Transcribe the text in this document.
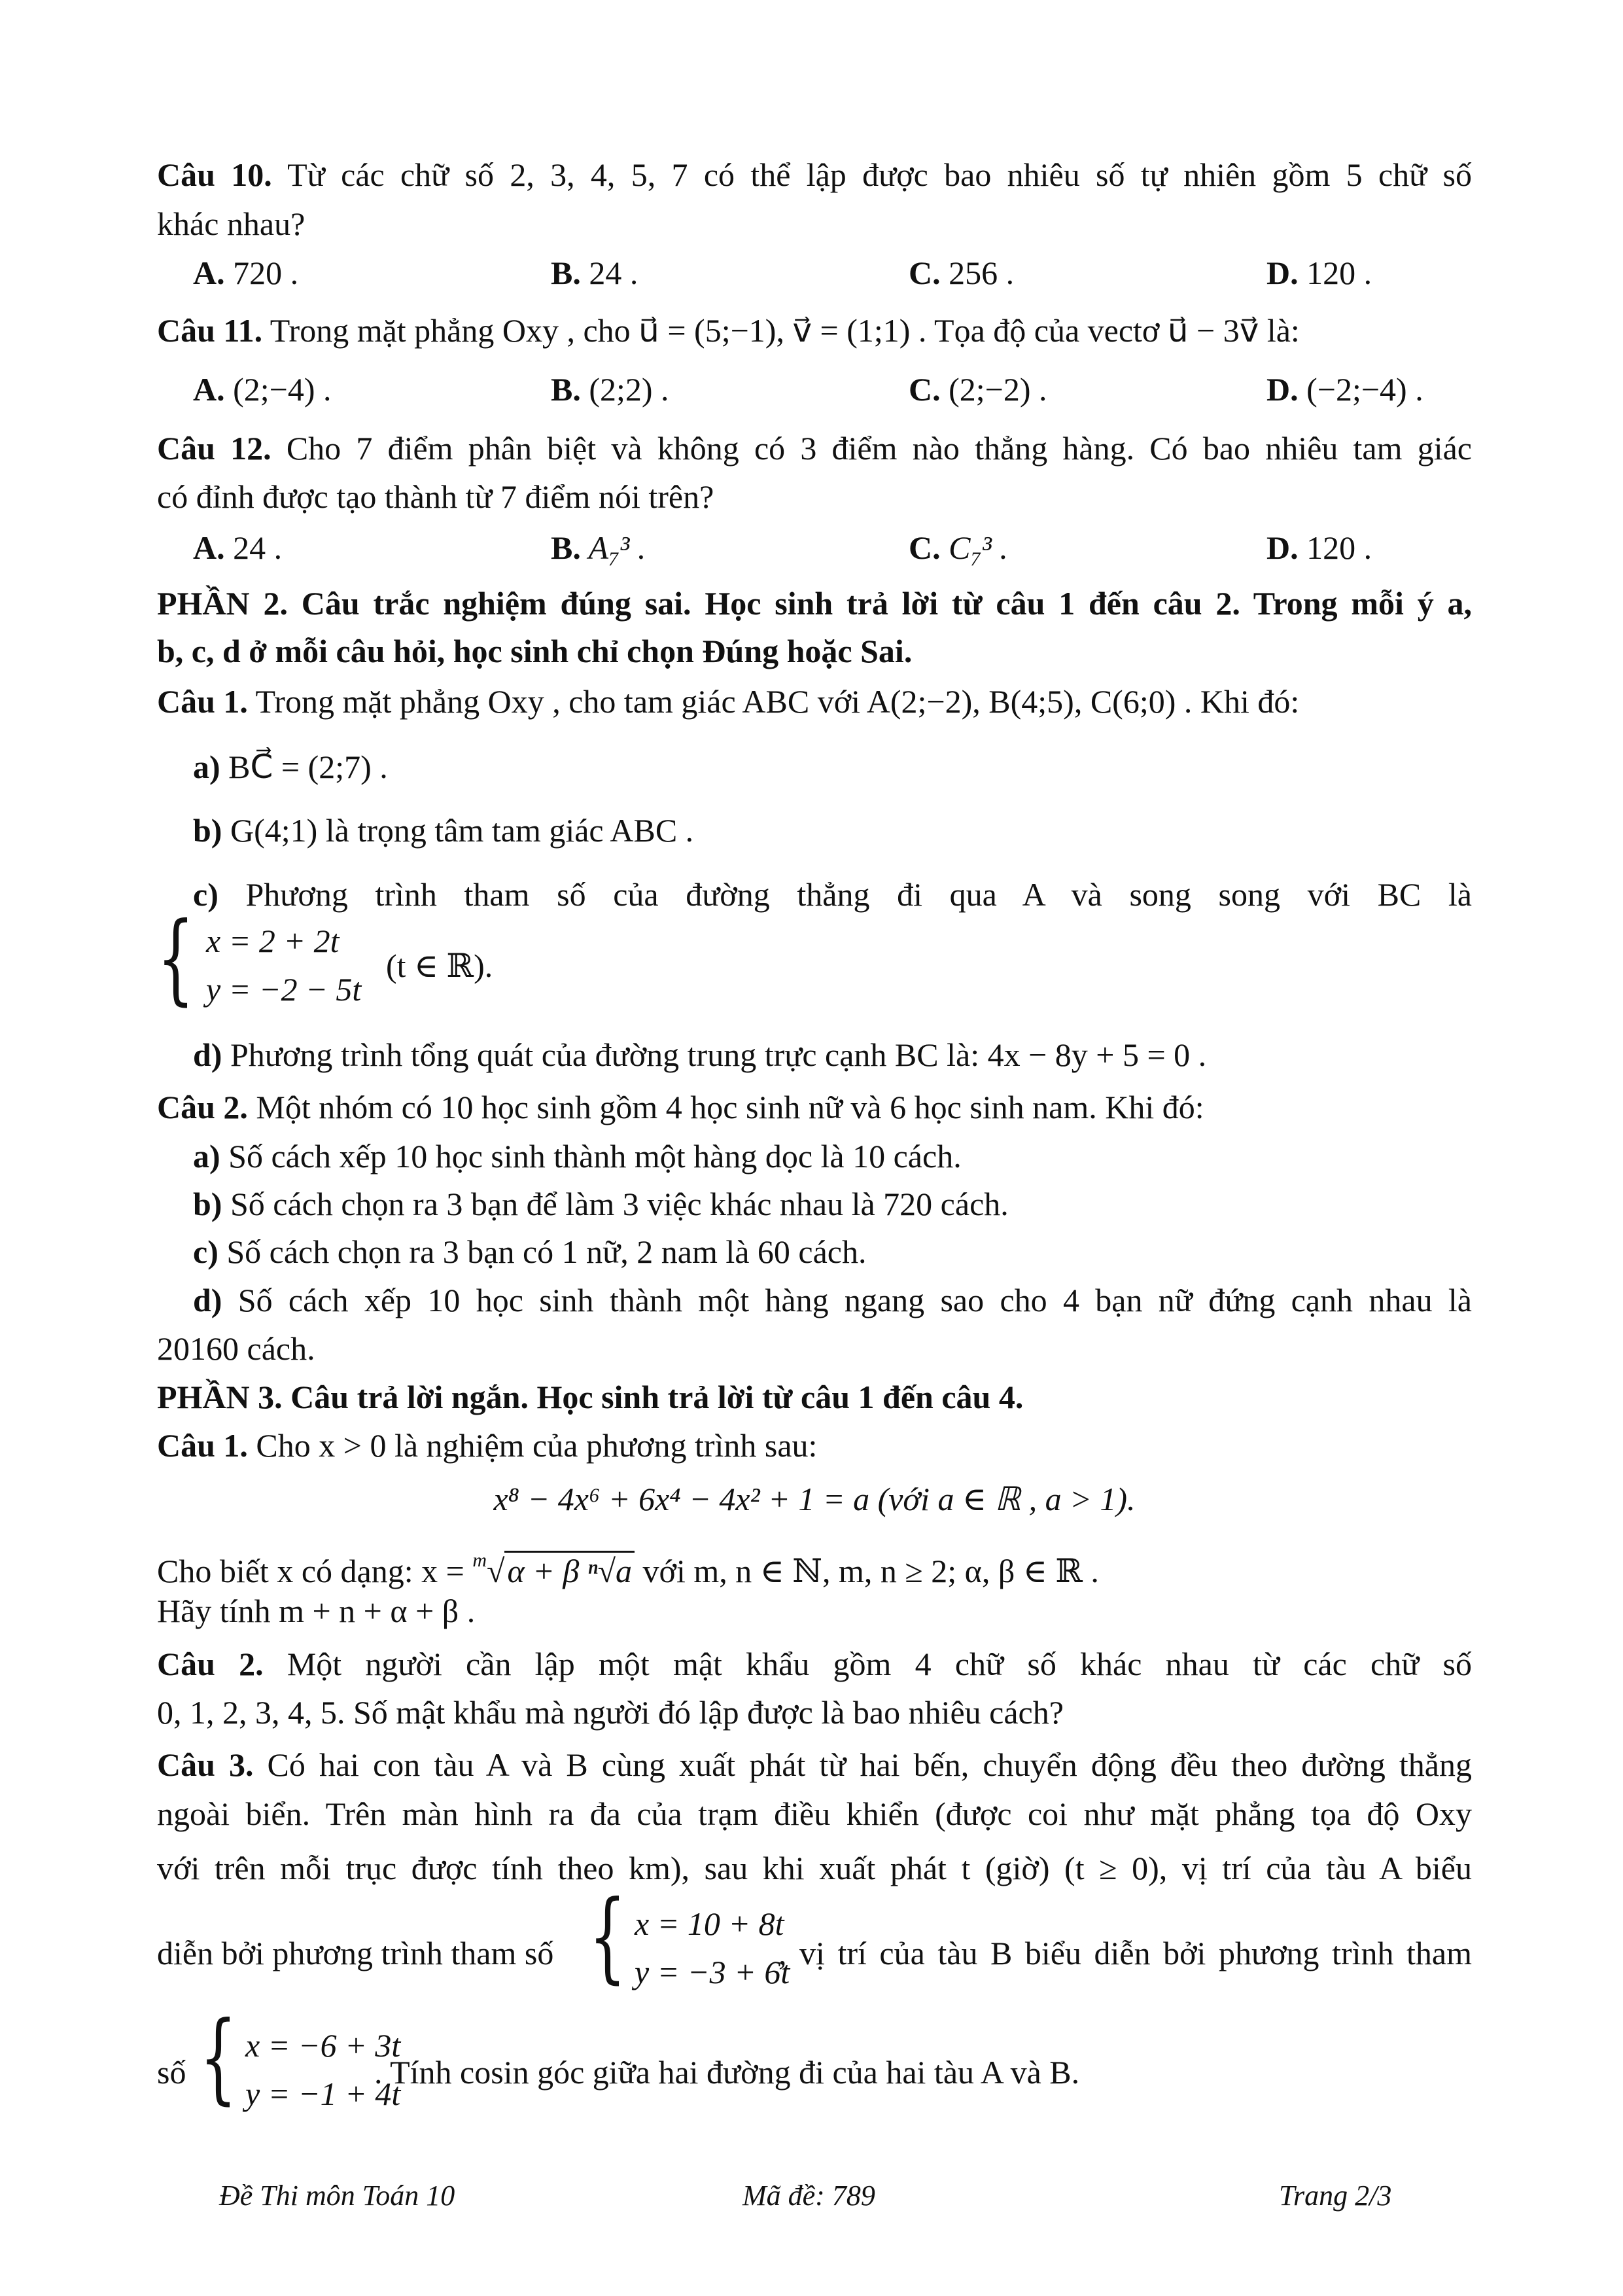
Câu 10. Từ các chữ số 2, 3, 4, 5, 7 có thể lập được bao nhiêu số tự nhiên gồm 5 chữ số
khác nhau?
A. 720 .	B. 24 .	C. 256 .	D. 120 .
Câu 11. Trong mặt phẳng Oxy , cho u⃗ = (5;−1), v⃗ = (1;1) . Tọa độ của vectơ u⃗ − 3v⃗ là:
A. (2;−4) .	B. (2;2) .	C. (2;−2) .	D. (−2;−4) .
Câu 12. Cho 7 điểm phân biệt và không có 3 điểm nào thẳng hàng. Có bao nhiêu tam giác
có đỉnh được tạo thành từ 7 điểm nói trên?
A. 24 .	B. A₇³ .	C. C₇³ .	D. 120 .
PHẦN 2. Câu trắc nghiệm đúng sai. Học sinh trả lời từ câu 1 đến câu 2. Trong mỗi ý a,
b, c, d ở mỗi câu hỏi, học sinh chỉ chọn Đúng hoặc Sai.
Câu 1. Trong mặt phẳng Oxy , cho tam giác ABC với A(2;−2), B(4;5), C(6;0) . Khi đó:
a) BC⃗ = (2;7) .
b) G(4;1) là trọng tâm tam giác ABC .
c) Phương trình tham số của đường thẳng đi qua A và song song với BC là
{ x = 2 + 2t
y = −2 − 5t
(t ∈ ℝ).
d) Phương trình tổng quát của đường trung trực cạnh BC là: 4x − 8y + 5 = 0 .
Câu 2. Một nhóm có 10 học sinh gồm 4 học sinh nữ và 6 học sinh nam. Khi đó:
a) Số cách xếp 10 học sinh thành một hàng dọc là 10 cách.
b) Số cách chọn ra 3 bạn để làm 3 việc khác nhau là 720 cách.
c) Số cách chọn ra 3 bạn có 1 nữ, 2 nam là 60 cách.
d) Số cách xếp 10 học sinh thành một hàng ngang sao cho 4 bạn nữ đứng cạnh nhau là
20160 cách.
PHẦN 3. Câu trả lời ngắn. Học sinh trả lời từ câu 1 đến câu 4.
Câu 1. Cho x > 0 là nghiệm của phương trình sau:
x⁸ − 4x⁶ + 6x⁴ − 4x² + 1 = a (với a ∈ ℝ , a > 1).
Cho biết x có dạng: x = $^m$√α + β ⁿ√a với m, n ∈ ℕ, m, n ≥ 2; α, β ∈ ℝ .
Hãy tính m + n + α + β .
Câu 2. Một người cần lập một mật khẩu gồm 4 chữ số khác nhau từ các chữ số
0, 1, 2, 3, 4, 5. Số mật khẩu mà người đó lập được là bao nhiêu cách?
Câu 3. Có hai con tàu A và B cùng xuất phát từ hai bến, chuyển động đều theo đường thẳng
ngoài biển. Trên màn hình ra đa của trạm điều khiển (được coi như mặt phẳng tọa độ Oxy
với trên mỗi trục được tính theo km), sau khi xuất phát t (giờ) (t ≥ 0), vị trí của tàu A biểu
diễn bởi phương trình tham số { x = 10 + 8t
y = −3 + 6t
, vị trí của tàu B biểu diễn bởi phương trình tham
số { x = −6 + 3t
y = −1 + 4t
. Tính cosin góc giữa hai đường đi của hai tàu A và B.
Đề Thi môn Toán 10	Mã đề: 789	Trang 2/3
